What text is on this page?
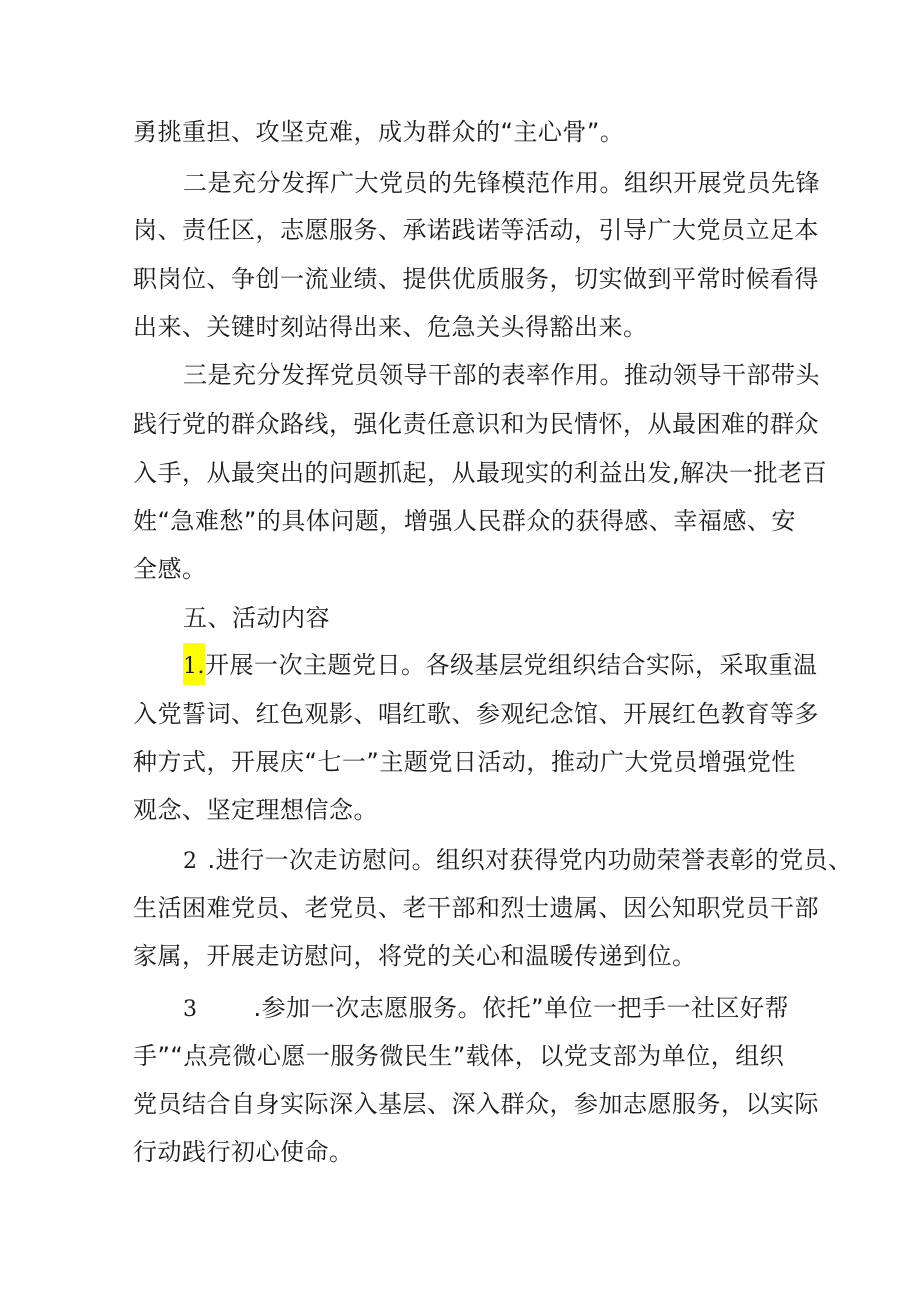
勇挑重担、攻坚克难，成为群众的“主心骨”。
二是充分发挥广大党员的先锋模范作用。组织开展党员先锋
岗、责任区，志愿服务、承诺践诺等活动，引导广大党员立足本
职岗位、争创一流业绩、提供优质服务，切实做到平常时候看得
出来、关键时刻站得出来、危急关头得豁出来。
三是充分发挥党员领导干部的表率作用。推动领导干部带头
践行党的群众路线，强化责任意识和为民情怀，从最困难的群众
入手，从最突出的问题抓起，从最现实的利益出发,解决一批老百
姓“急难愁”的具体问题，增强人民群众的获得感、幸福感、安
全感。
五、活动内容
1.开展一次主题党日。各级基层党组织结合实际，采取重温
入党誓词、红色观影、唱红歌、参观纪念馆、开展红色教育等多
种方式，开展庆“七一”主题党日活动，推动广大党员增强党性
观念、坚定理想信念。
2 .进行一次走访慰问。组织对获得党内功勋荣誉表彰的党员、
生活困难党员、老党员、老干部和烈士遗属、因公知职党员干部
家属，开展走访慰问，将党的关心和温暖传递到位。
3 .参加一次志愿服务。依托”单位一把手一社区好帮
手”“点亮微心愿一服务微民生”载体，以党支部为单位，组织
党员结合自身实际深入基层、深入群众，参加志愿服务，以实际
行动践行初心使命。
